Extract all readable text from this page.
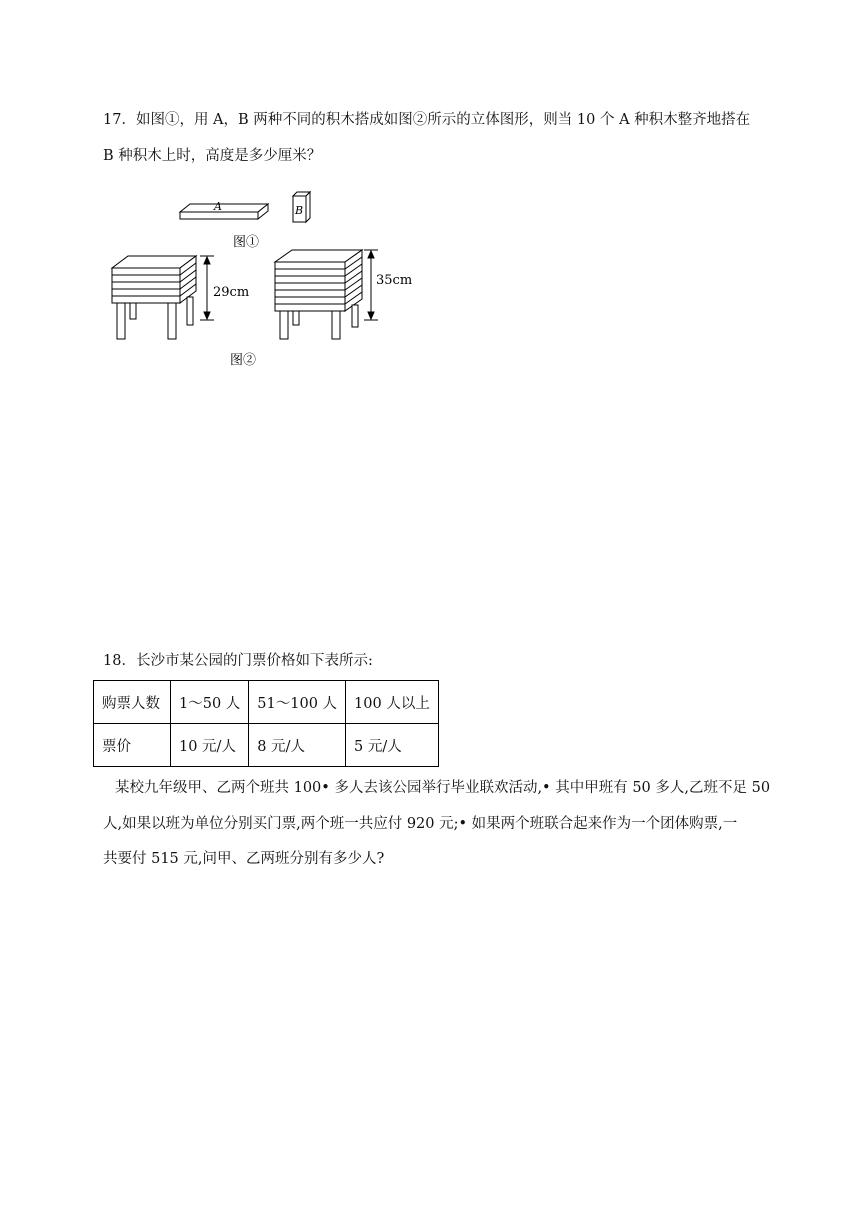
17．如图①，用 A，B 两种不同的积木搭成如图②所示的立体图形，则当 10 个 A 种积木整齐地搭在
B 种积木上时，高度是多少厘米？
A	B
图①
29cm
35cm
图②
18．长沙市某公园的门票价格如下表所示:
购票人数	1～50 人	51～100 人	100 人以上
票价	10 元/人	8 元/人	5 元/人
某校九年级甲、乙两个班共 100• 多人去该公园举行毕业联欢活动,• 其中甲班有 50 多人,乙班不足 50
人,如果以班为单位分别买门票,两个班一共应付 920 元;• 如果两个班联合起来作为一个团体购票,一
共要付 515 元,问甲、乙两班分别有多少人?
